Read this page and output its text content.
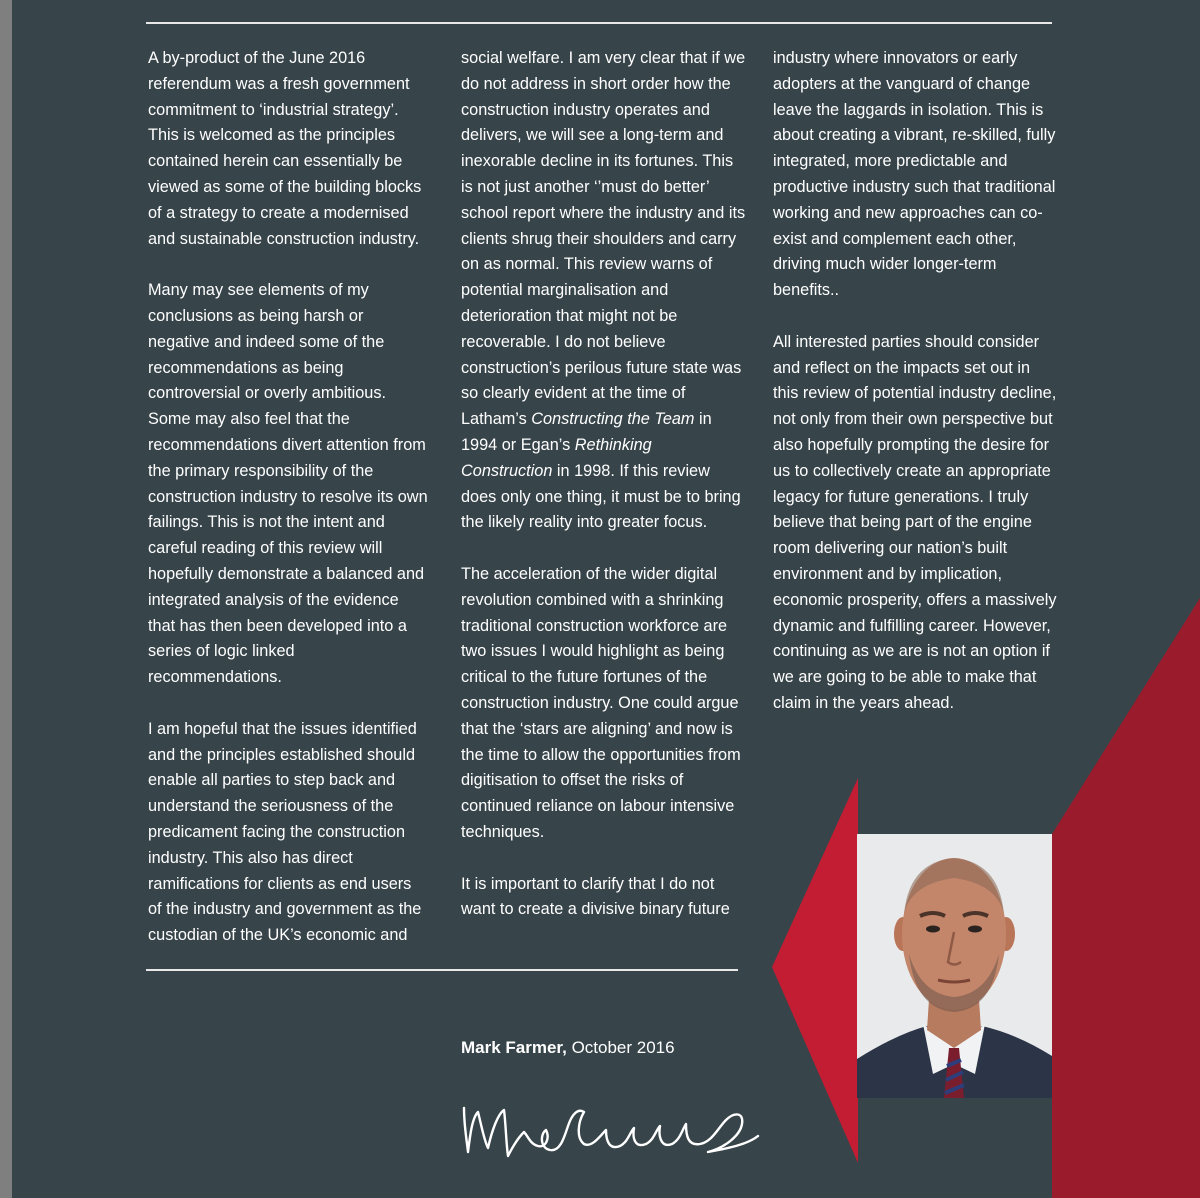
A by-product of the June 2016 referendum was a fresh government commitment to ‘industrial strategy’. This is welcomed as the principles contained herein can essentially be viewed as some of the building blocks of a strategy to create a modernised and sustainable construction industry.

Many may see elements of my conclusions as being harsh or negative and indeed some of the recommendations as being controversial or overly ambitious. Some may also feel that the recommendations divert attention from the primary responsibility of the construction industry to resolve its own failings. This is not the intent and careful reading of this review will hopefully demonstrate a balanced and integrated analysis of the evidence that has then been developed into a series of logic linked recommendations.

I am hopeful that the issues identified and the principles established should enable all parties to step back and understand the seriousness of the predicament facing the construction industry. This also has direct ramifications for clients as end users of the industry and government as the custodian of the UK’s economic and

social welfare. I am very clear that if we do not address in short order how the construction industry operates and delivers, we will see a long-term and inexorable decline in its fortunes. This is not just another ‘’must do better’ school report where the industry and its clients shrug their shoulders and carry on as normal. This review warns of potential marginalisation and deterioration that might not be recoverable. I do not believe construction’s perilous future state was so clearly evident at the time of Latham’s Constructing the Team in 1994 or Egan’s Rethinking Construction in 1998. If this review does only one thing, it must be to bring the likely reality into greater focus.

The acceleration of the wider digital revolution combined with a shrinking traditional construction workforce are two issues I would highlight as being critical to the future fortunes of the construction industry. One could argue that the ‘stars are aligning’ and now is the time to allow the opportunities from digitisation to offset the risks of continued reliance on labour intensive techniques.

It is important to clarify that I do not want to create a divisive binary future

industry where innovators or early adopters at the vanguard of change leave the laggards in isolation. This is about creating a vibrant, re-skilled, fully integrated, more predictable and productive industry such that traditional working and new approaches can co-exist and complement each other, driving much wider longer-term benefits..

All interested parties should consider and reflect on the impacts set out in this review of potential industry decline, not only from their own perspective but also hopefully prompting the desire for us to collectively create an appropriate legacy for future generations. I truly believe that being part of the engine room delivering our nation’s built environment and by implication, economic prosperity, offers a massively dynamic and fulfilling career. However, continuing as we are is not an option if we are going to be able to make that claim in the years ahead.

Mark Farmer, October 2016
